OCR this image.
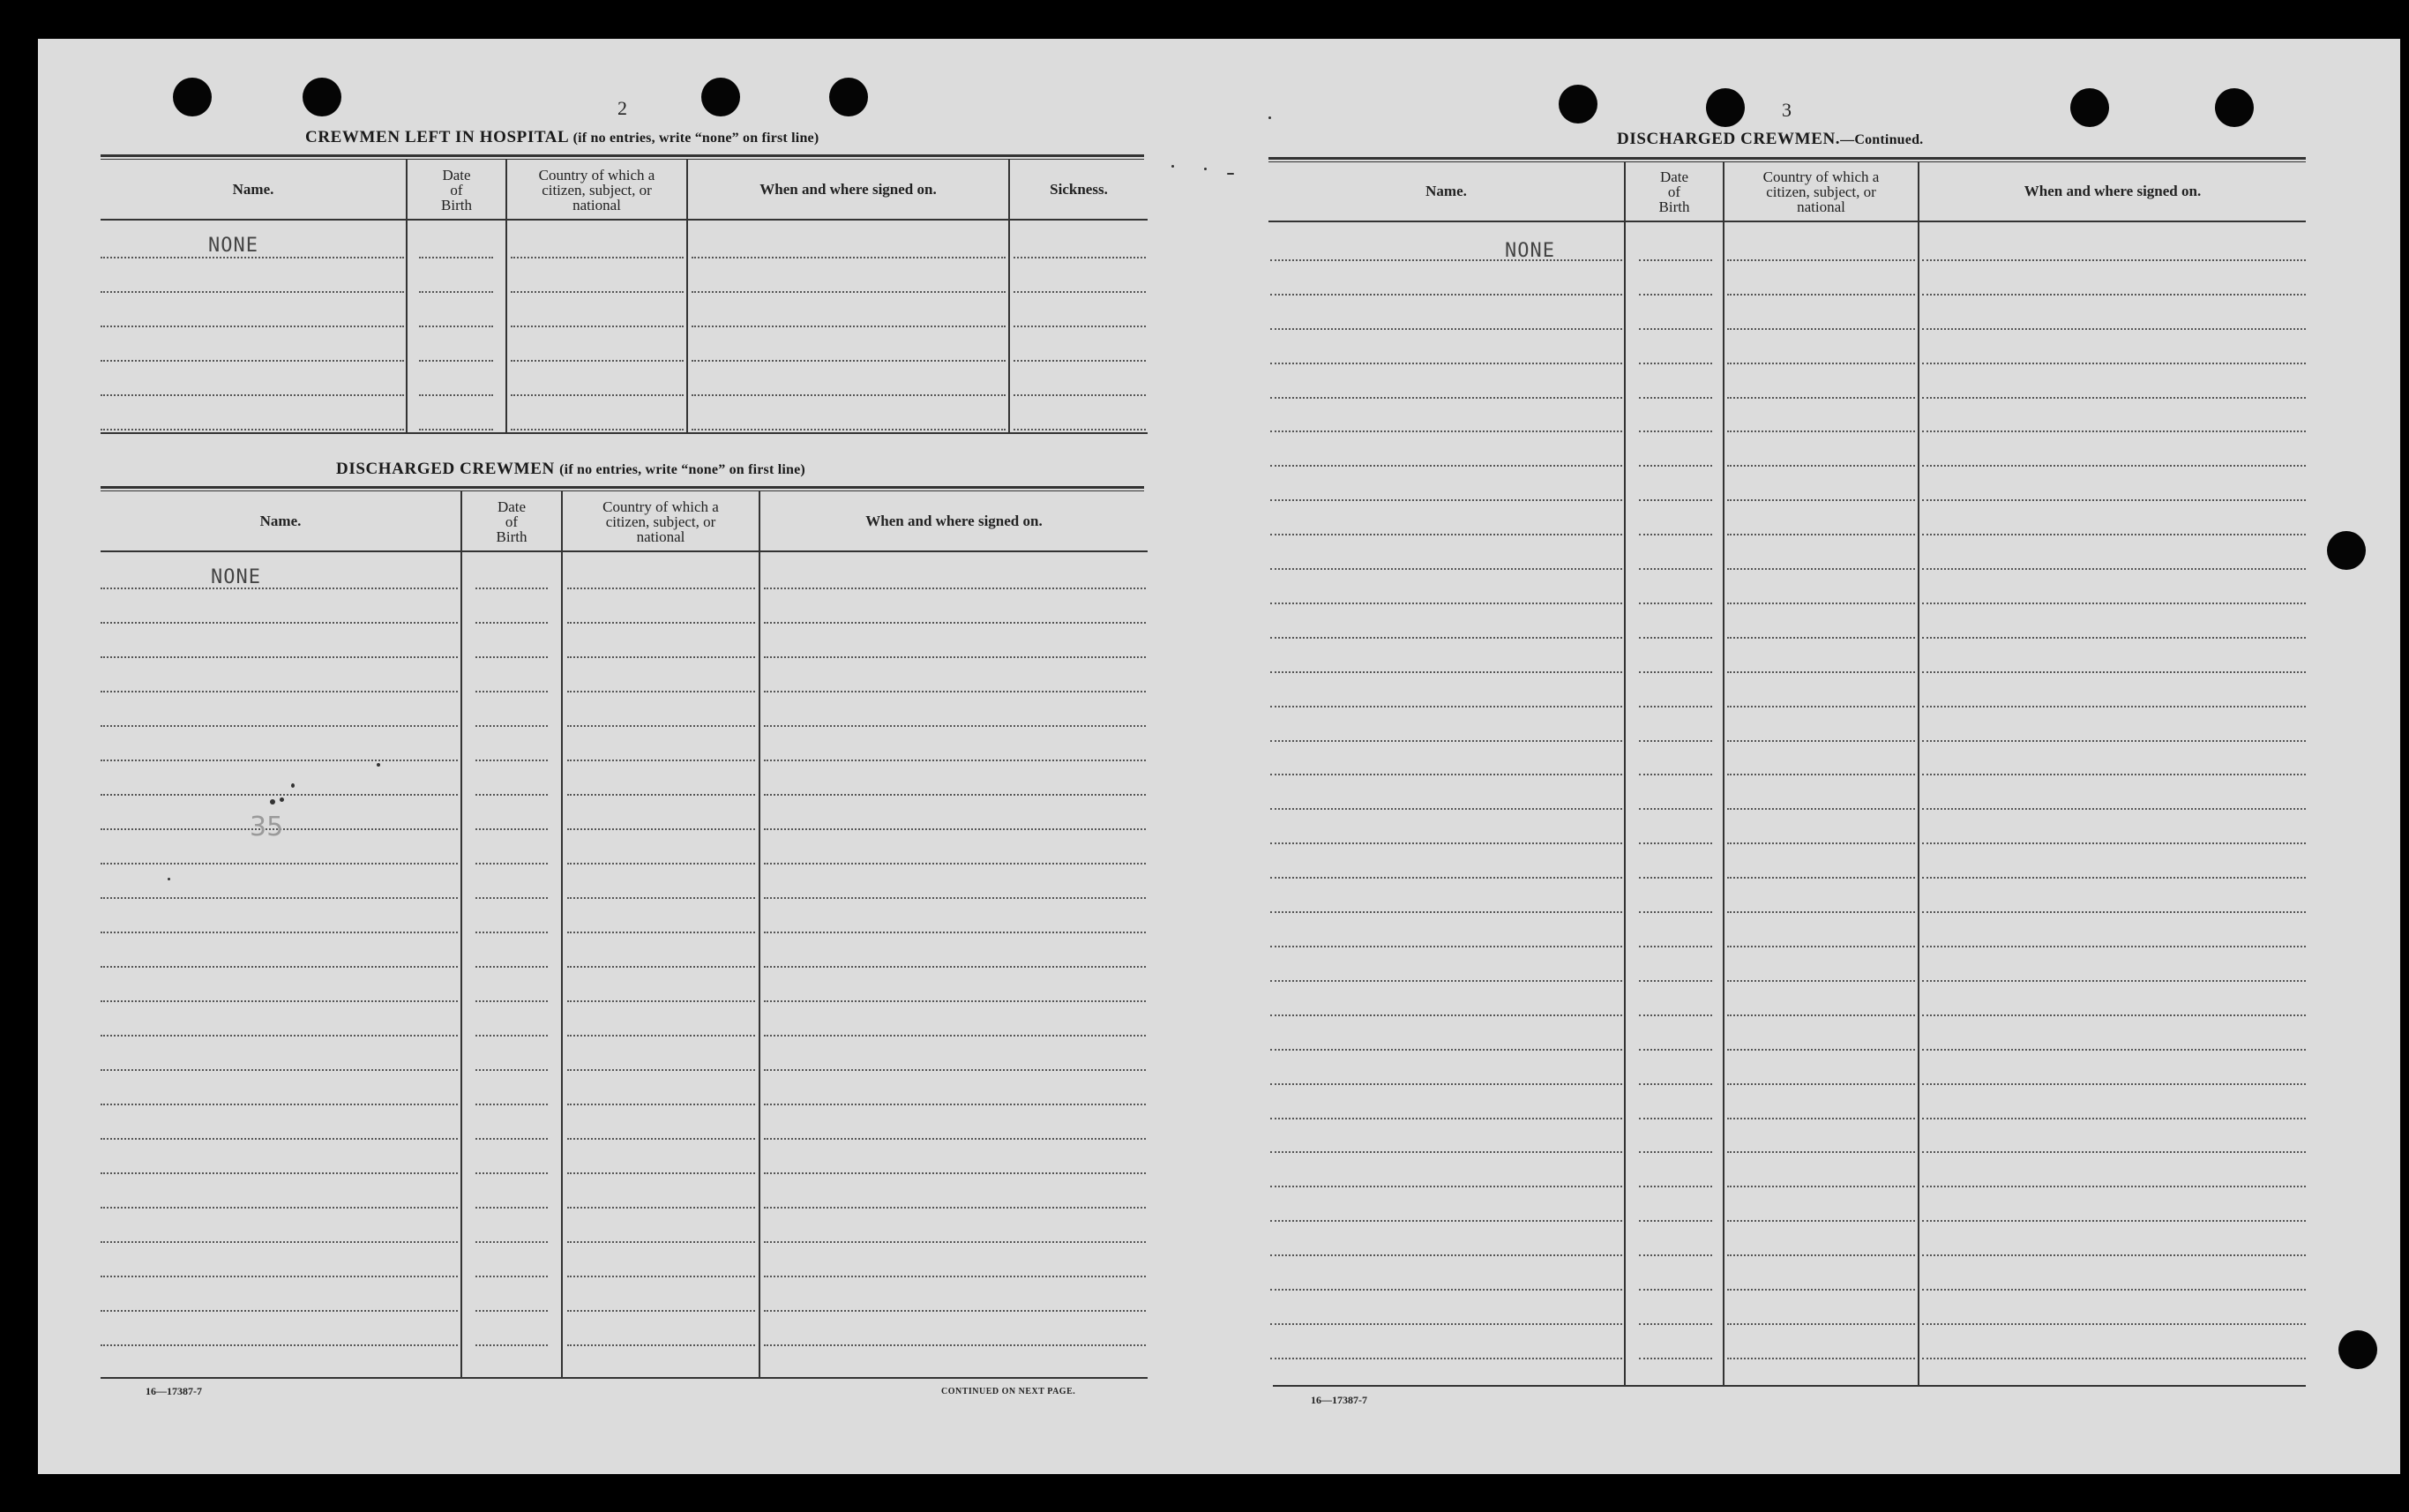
2
CREWMEN LEFT IN HOSPITAL (if no entries, write “none” on first line)
Name.
Date
of
Birth
Country of which a
citizen, subject, or
national
When and where signed on.	Sickness.
NONE
DISCHARGED CREWMEN (if no entries, write “none” on first line)
Name.
Date
of
Birth
Country of which a
citizen, subject, or
national
When and where signed on.
NONE
35
16—17387-7	CONTINUED ON NEXT PAGE.
3
DISCHARGED CREWMEN.—Continued.
Name.
Date
of
Birth
Country of which a
citizen, subject, or
national
When and where signed on.
NONE
16—17387-7
